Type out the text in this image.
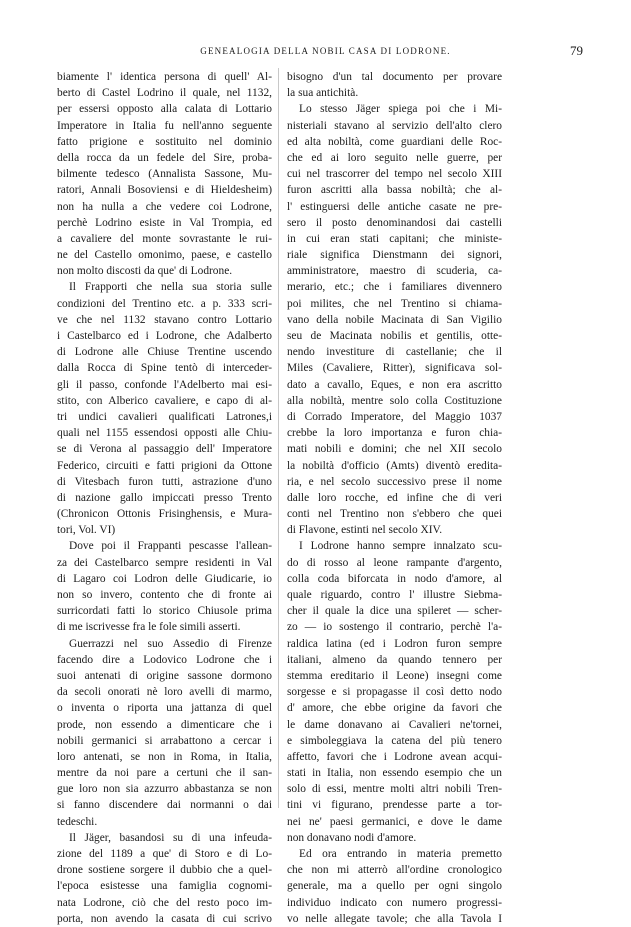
GENEALOGIA DELLA NOBIL CASA DI LODRONE.	79
biamente l' identica persona di quell' Al-
berto di Castel Lodrino il quale, nel 1132,
per essersi opposto alla calata di Lottario
Imperatore in Italia fu nell'anno seguente
fatto prigione e sostituito nel dominio
della rocca da un fedele del Sire, proba-
bilmente tedesco (Annalista Sassone, Mu-
ratori, Annali Bosoviensi e di Hieldesheim)
non ha nulla a che vedere coi Lodrone,
perchè Lodrino esiste in Val Trompia, ed
a cavaliere del monte sovrastante le rui-
ne del Castello omonimo, paese, e castello
non molto discosti da que' di Lodrone.
Il Frapporti che nella sua storia sulle
condizioni del Trentino etc. a p. 333 scri-
ve che nel 1132 stavano contro Lottario
i Castelbarco ed i Lodrone, che Adalberto
di Lodrone alle Chiuse Trentine uscendo
dalla Rocca di Spine tentò di interceder-
gli il passo, confonde l'Adelberto mai esi-
stito, con Alberico cavaliere, e capo di al-
tri undici cavalieri qualificati Latrones,i
quali nel 1155 essendosi opposti alle Chiu-
se di Verona al passaggio dell' Imperatore
Federico, circuiti e fatti prigioni da Ottone
di Vitesbach furon tutti, astrazione d'uno
di nazione gallo impiccati presso Trento
(Chronicon Ottonis Frisinghensis, e Mura-
tori, Vol. VI)
Dove poi il Frappanti pescasse l'allean-
za dei Castelbarco sempre residenti in Val
di Lagaro coi Lodron delle Giudicarie, io
non so invero, contento che di fronte ai
surricordati fatti lo storico Chiusole prima
di me iscrivesse fra le fole simili asserti.
Guerrazzi nel suo Assedio di Firenze
facendo dire a Lodovico Lodrone che i
suoi antenati di origine sassone dormono
da secoli onorati nè loro avelli di marmo,
o inventa o riporta una jattanza di quel
prode, non essendo a dimenticare che i
nobili germanici si arrabattono a cercar i
loro antenati, se non in Roma, in Italia,
mentre da noi pare a certuni che il san-
gue loro non sia azzurro abbastanza se non
si fanno discendere dai normanni o dai
tedeschi.
Il Jäger, basandosi su di una infeuda-
zione del 1189 a que' di Storo e di Lo-
drone sostiene sorgere il dubbio che a quel-
l'epoca esistesse una famiglia cognomi-
nata Lodrone, ciò che del resto poco im-
porta, non avendo la casata di cui scrivo
bisogno d'un tal documento per provare
la sua antichità.
Lo stesso Jäger spiega poi che i Mi-
nisteriali stavano al servizio dell'alto clero
ed alta nobiltà, come guardiani delle Roc-
che ed ai loro seguito nelle guerre, per
cui nel trascorrer del tempo nel secolo XIII
furon ascritti alla bassa nobiltà; che al-
l' estinguersi delle antiche casate ne pre-
sero il posto denominandosi dai castelli
in cui eran stati capitani; che ministe-
riale significa Dienstmann dei signori,
amministratore, maestro di scuderia, ca-
merario, etc.; che i familiares divennero
poi milites, che nel Trentino si chiama-
vano della nobile Macinata di San Vigilio
seu de Macinata nobilis et gentilis, otte-
nendo investiture di castellanie; che il
Miles (Cavaliere, Ritter), significava sol-
dato a cavallo, Eques, e non era ascritto
alla nobiltà, mentre solo colla Costituzione
di Corrado Imperatore, del Maggio 1037
crebbe la loro importanza e furon chia-
mati nobili e domini; che nel XII secolo
la nobiltà d'officio (Amts) diventò eredita-
ria, e nel secolo successivo prese il nome
dalle loro rocche, ed infine che di veri
conti nel Trentino non s'ebbero che quei
di Flavone, estinti nel secolo XIV.
I Lodrone hanno sempre innalzato scu-
do di rosso al leone rampante d'argento,
colla coda biforcata in nodo d'amore, al
quale riguardo, contro l' illustre Siebma-
cher il quale la dice una spileret — scher-
zo — io sostengo il contrario, perchè l'a-
raldica latina (ed i Lodron furon sempre
italiani, almeno da quando tennero per
stemma ereditario il Leone) insegni come
sorgesse e si propagasse il così detto nodo
d' amore, che ebbe origine da favori che
le dame donavano ai Cavalieri ne'tornei,
e simboleggiava la catena del più tenero
affetto, favori che i Lodrone avean acqui-
stati in Italia, non essendo esempio che un
solo di essi, mentre molti altri nobili Tren-
tini vi figurano, prendesse parte a tor-
nei ne' paesi germanici, e dove le dame
non donavano nodi d'amore.
Ed ora entrando in materia premetto
che non mi atterrò all'ordine cronologico
generale, ma a quello per ogni singolo
individuo indicato con numero progressi-
vo nelle allegate tavole; che alla Tavola I
